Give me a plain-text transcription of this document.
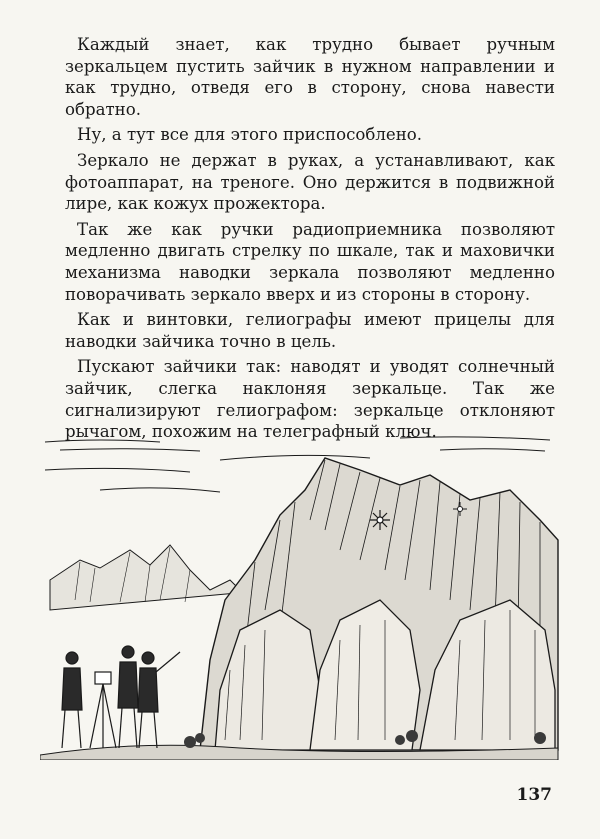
Каждый знает, как трудно бывает ручным зеркальцем пустить зайчик в нужном направлении и как трудно, отведя его в сторону, снова навести обратно.

Ну, а тут все для этого приспособлено.

Зеркало не держат в руках, а устанавливают, как фотоаппарат, на треноге. Оно держится в подвижной лире, как кожух прожектора.

Так же как ручки радиоприемника позволяют медленно двигать стрелку по шкале, так и маховички механизма наводки зеркала позволяют медленно поворачивать зеркало вверх и из стороны в сторону.

Как и винтовки, гелиографы имеют прицелы для наводки зайчика точно в цель.

Пускают зайчики так: наводят и уводят солнечный зайчик, слегка наклоняя зеркальце. Так же сигнализируют гелиографом: зеркальце отклоняют рычагом, похожим на телеграфный ключ.

137
